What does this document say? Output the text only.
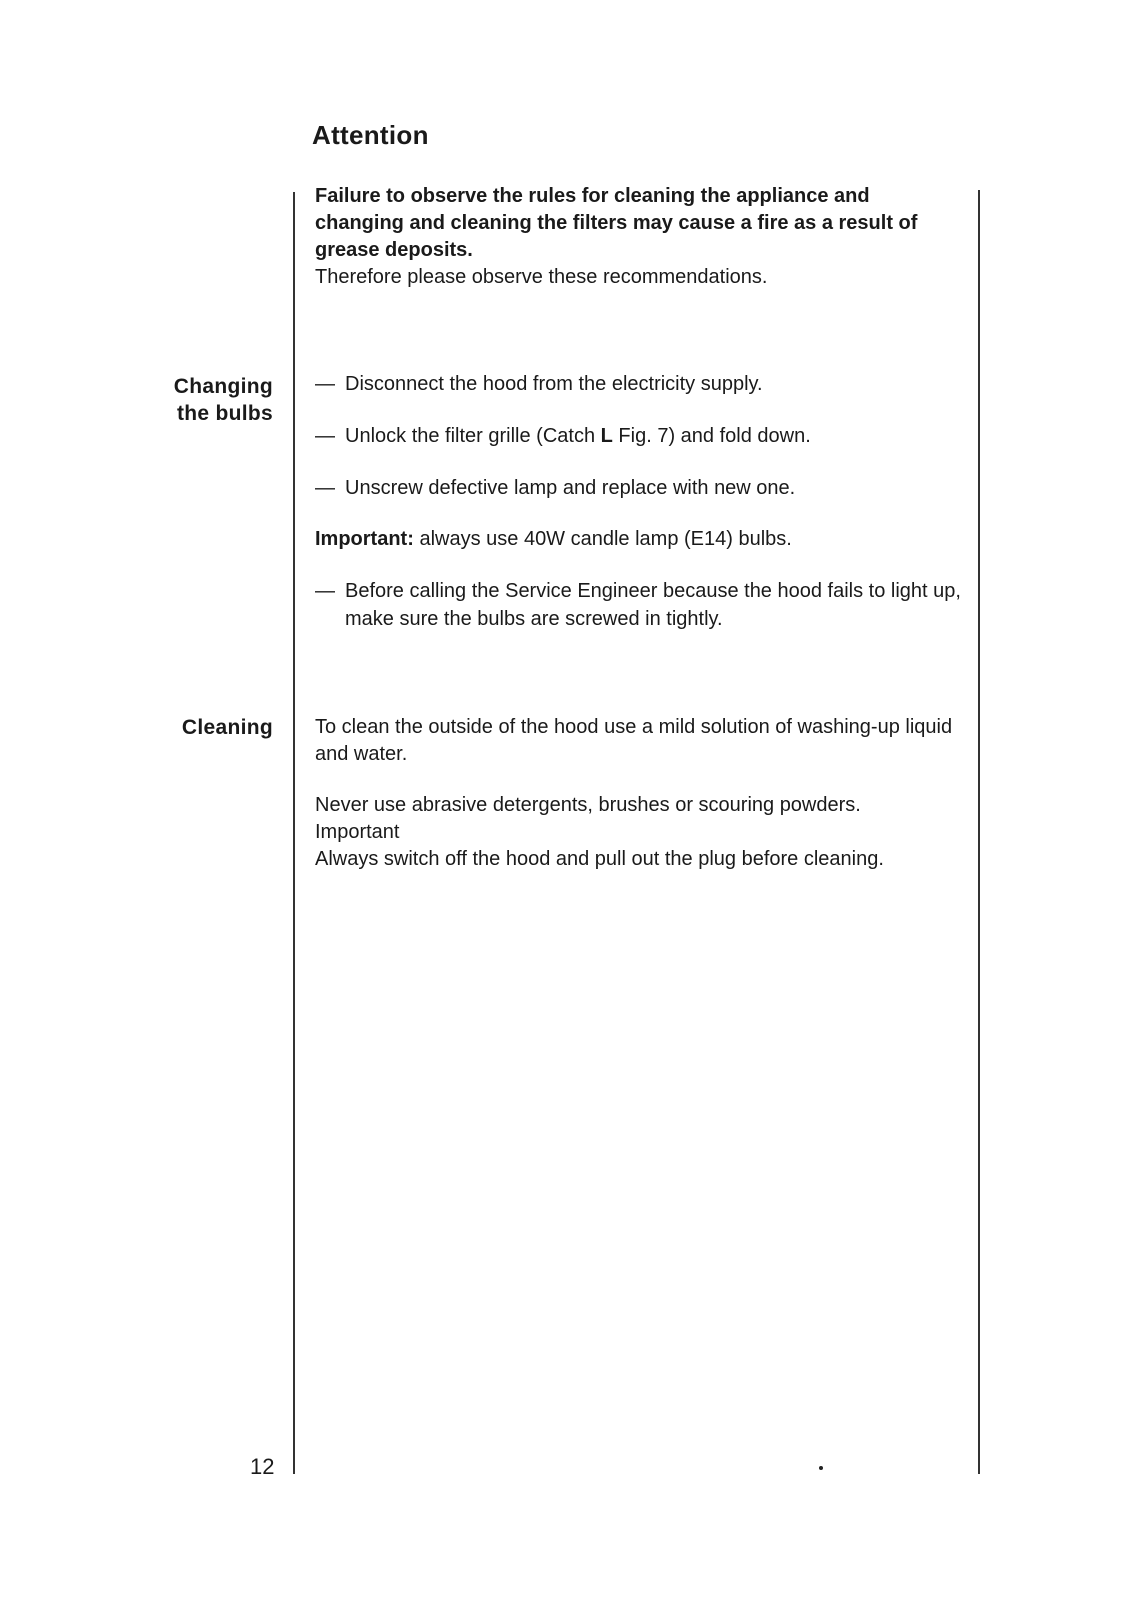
Attention

Failure to observe the rules for cleaning the appliance and changing and cleaning the filters may cause a fire as a result of grease deposits.

Therefore please observe these recommendations.

Changing
the bulbs

— Disconnect the hood from the electricity supply.

— Unlock the filter grille (Catch L Fig. 7) and fold down.

— Unscrew defective lamp and replace with new one.

Important: always use 40W candle lamp (E14) bulbs.

— Before calling the Service Engineer because the hood fails to light up, make sure the bulbs are screwed in tightly.

Cleaning To clean the outside of the hood use a mild solution of washing-up liquid and water.

Never use abrasive detergents, brushes or scouring powders.

Important

Always switch off the hood and pull out the plug before cleaning.

12
